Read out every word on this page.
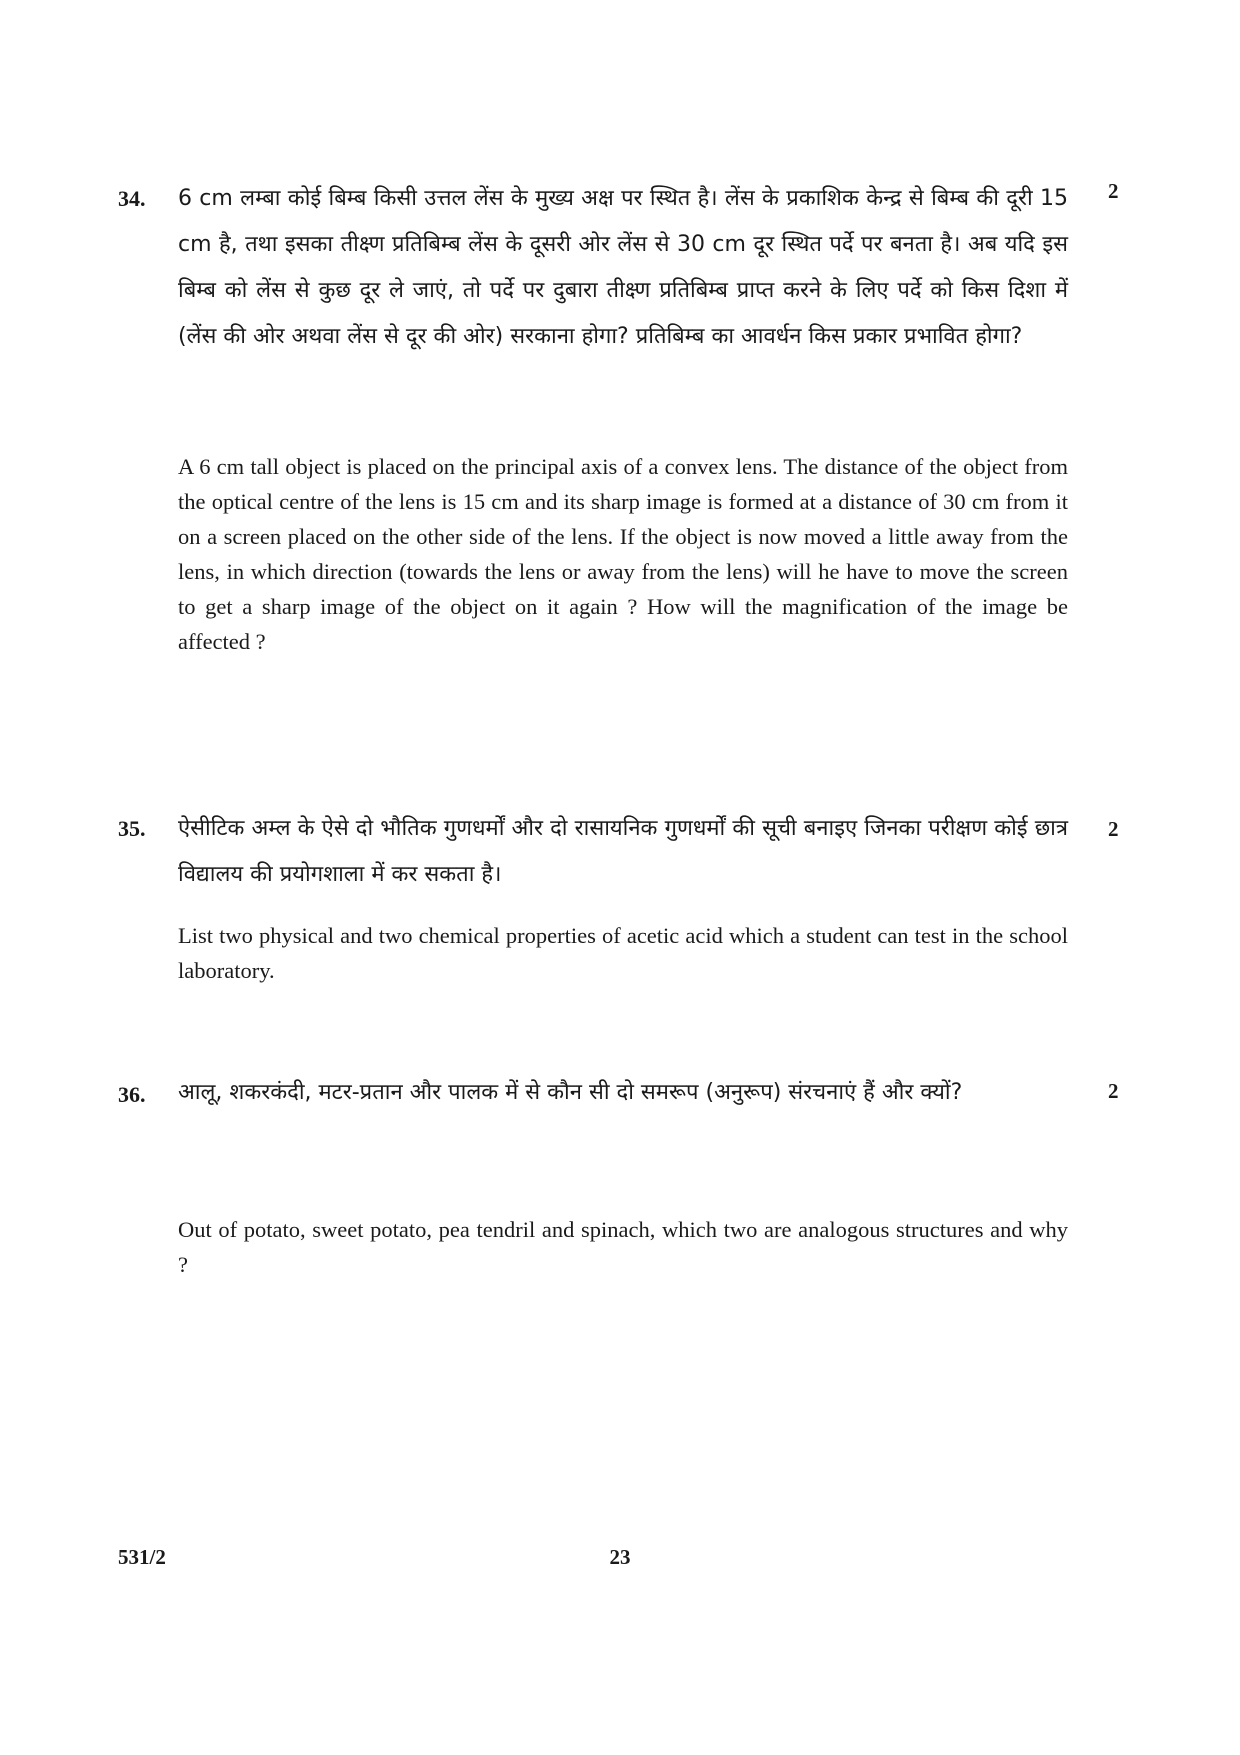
34.	2
6 cm लम्बा कोई बिम्ब किसी उत्तल लेंस के मुख्य अक्ष पर स्थित है। लेंस के प्रकाशिक केन्द्र से बिम्ब की दूरी 15 cm है, तथा इसका तीक्ष्ण प्रतिबिम्ब लेंस के दूसरी ओर लेंस से 30 cm दूर स्थित पर्दे पर बनता है। अब यदि इस बिम्ब को लेंस से कुछ दूर ले जाएं, तो पर्दे पर दुबारा तीक्ष्ण प्रतिबिम्ब प्राप्त करने के लिए पर्दे को किस दिशा में (लेंस की ओर अथवा लेंस से दूर की ओर) सरकाना होगा? प्रतिबिम्ब का आवर्धन किस प्रकार प्रभावित होगा?
A 6 cm tall object is placed on the principal axis of a convex lens. The distance of the object from the optical centre of the lens is 15 cm and its sharp image is formed at a distance of 30 cm from it on a screen placed on the other side of the lens. If the object is now moved a little away from the lens, in which direction (towards the lens or away from the lens) will he have to move the screen to get a sharp image of the object on it again ? How will the magnification of the image be affected ?
35.	2
ऐसीटिक अम्ल के ऐसे दो भौतिक गुणधर्मों और दो रासायनिक गुणधर्मों की सूची बनाइए जिनका परीक्षण कोई छात्र विद्यालय की प्रयोगशाला में कर सकता है।
List two physical and two chemical properties of acetic acid which a student can test in the school laboratory.
36.	2
आलू, शकरकंदी, मटर-प्रतान और पालक में से कौन सी दो समरूप (अनुरूप) संरचनाएं हैं और क्यों?
Out of potato, sweet potato, pea tendril and spinach, which two are analogous structures and why ?
531/2	23
